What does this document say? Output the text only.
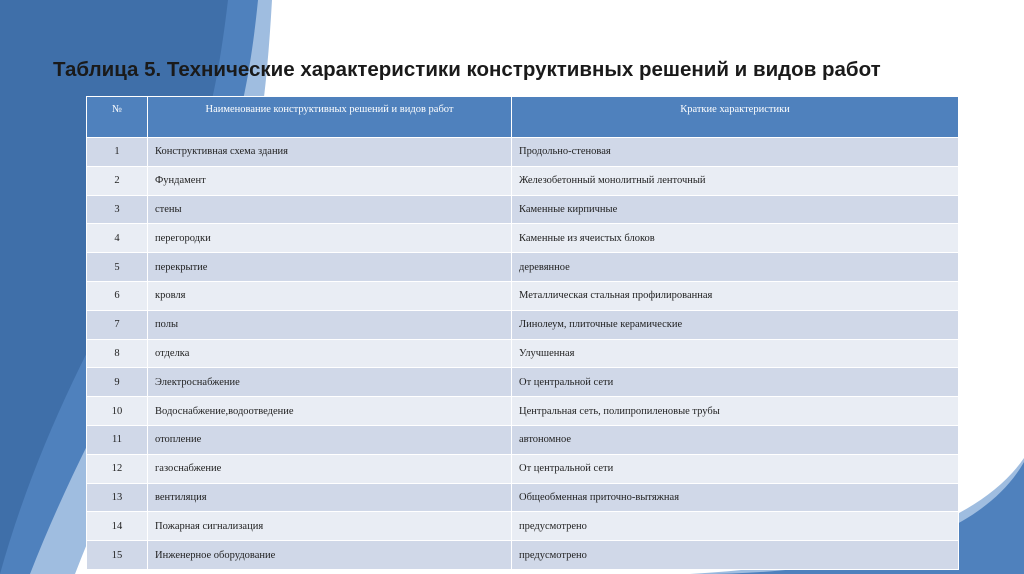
Таблица 5. Технические характеристики конструктивных решений и видов работ
№	Наименование конструктивных решений и видов работ	Краткие характеристики
1	Конструктивная схема здания	Продольно-стеновая
2	Фундамент	Железобетонный монолитный ленточный
3	стены	Каменные кирпичные
4	перегородки	Каменные из ячеистых блоков
5	перекрытие	деревянное
6	кровля	Металлическая стальная профилированная
7	полы	Линолеум, плиточные керамические
8	отделка	Улучшенная
9	Электроснабжение	От центральной сети
10	Водоснабжение,водоотведение	Центральная сеть, полипропиленовые трубы
11	отопление	автономное
12	газоснабжение	От центральной сети
13	вентиляция	Общеобменная приточно-вытяжная
14	Пожарная сигнализация	предусмотрено
15	Инженерное оборудование	предусмотрено
